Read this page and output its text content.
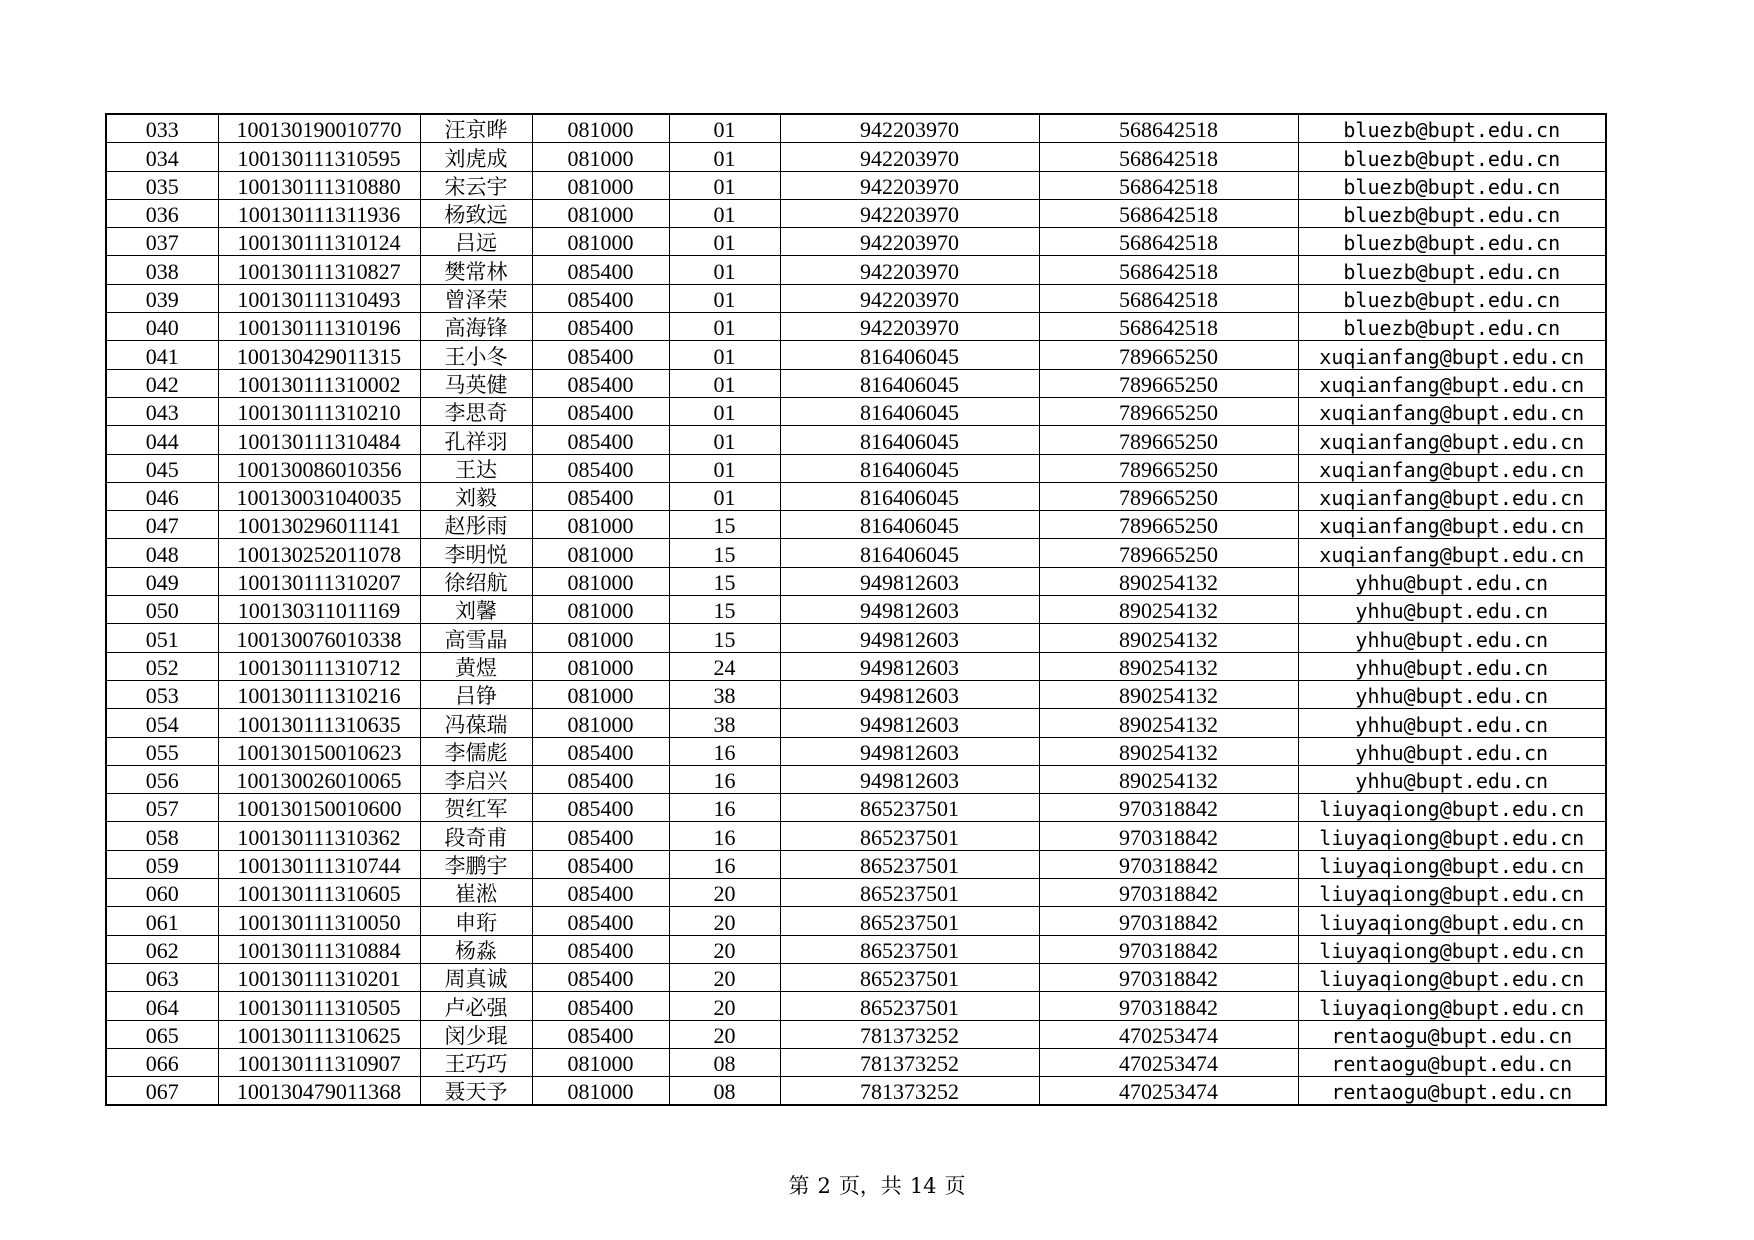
033	100130190010770	汪京晔	081000	01	942203970	568642518	bluezb@bupt.edu.cn
034	100130111310595	刘虎成	081000	01	942203970	568642518	bluezb@bupt.edu.cn
035	100130111310880	宋云宇	081000	01	942203970	568642518	bluezb@bupt.edu.cn
036	100130111311936	杨致远	081000	01	942203970	568642518	bluezb@bupt.edu.cn
037	100130111310124	吕远	081000	01	942203970	568642518	bluezb@bupt.edu.cn
038	100130111310827	樊常林	085400	01	942203970	568642518	bluezb@bupt.edu.cn
039	100130111310493	曾泽荣	085400	01	942203970	568642518	bluezb@bupt.edu.cn
040	100130111310196	高海锋	085400	01	942203970	568642518	bluezb@bupt.edu.cn
041	100130429011315	王小冬	085400	01	816406045	789665250	xuqianfang@bupt.edu.cn
042	100130111310002	马英健	085400	01	816406045	789665250	xuqianfang@bupt.edu.cn
043	100130111310210	李思奇	085400	01	816406045	789665250	xuqianfang@bupt.edu.cn
044	100130111310484	孔祥羽	085400	01	816406045	789665250	xuqianfang@bupt.edu.cn
045	100130086010356	王达	085400	01	816406045	789665250	xuqianfang@bupt.edu.cn
046	100130031040035	刘毅	085400	01	816406045	789665250	xuqianfang@bupt.edu.cn
047	100130296011141	赵彤雨	081000	15	816406045	789665250	xuqianfang@bupt.edu.cn
048	100130252011078	李明悦	081000	15	816406045	789665250	xuqianfang@bupt.edu.cn
049	100130111310207	徐绍航	081000	15	949812603	890254132	yhhu@bupt.edu.cn
050	100130311011169	刘馨	081000	15	949812603	890254132	yhhu@bupt.edu.cn
051	100130076010338	高雪晶	081000	15	949812603	890254132	yhhu@bupt.edu.cn
052	100130111310712	黄煜	081000	24	949812603	890254132	yhhu@bupt.edu.cn
053	100130111310216	吕铮	081000	38	949812603	890254132	yhhu@bupt.edu.cn
054	100130111310635	冯葆瑞	081000	38	949812603	890254132	yhhu@bupt.edu.cn
055	100130150010623	李儒彪	085400	16	949812603	890254132	yhhu@bupt.edu.cn
056	100130026010065	李启兴	085400	16	949812603	890254132	yhhu@bupt.edu.cn
057	100130150010600	贺红军	085400	16	865237501	970318842	liuyaqiong@bupt.edu.cn
058	100130111310362	段奇甫	085400	16	865237501	970318842	liuyaqiong@bupt.edu.cn
059	100130111310744	李鹏宇	085400	16	865237501	970318842	liuyaqiong@bupt.edu.cn
060	100130111310605	崔淞	085400	20	865237501	970318842	liuyaqiong@bupt.edu.cn
061	100130111310050	申珩	085400	20	865237501	970318842	liuyaqiong@bupt.edu.cn
062	100130111310884	杨淼	085400	20	865237501	970318842	liuyaqiong@bupt.edu.cn
063	100130111310201	周真诚	085400	20	865237501	970318842	liuyaqiong@bupt.edu.cn
064	100130111310505	卢必强	085400	20	865237501	970318842	liuyaqiong@bupt.edu.cn
065	100130111310625	闵少琨	085400	20	781373252	470253474	rentaogu@bupt.edu.cn
066	100130111310907	王巧巧	081000	08	781373252	470253474	rentaogu@bupt.edu.cn
067	100130479011368	聂天予	081000	08	781373252	470253474	rentaogu@bupt.edu.cn
第 2 页，共 14 页
